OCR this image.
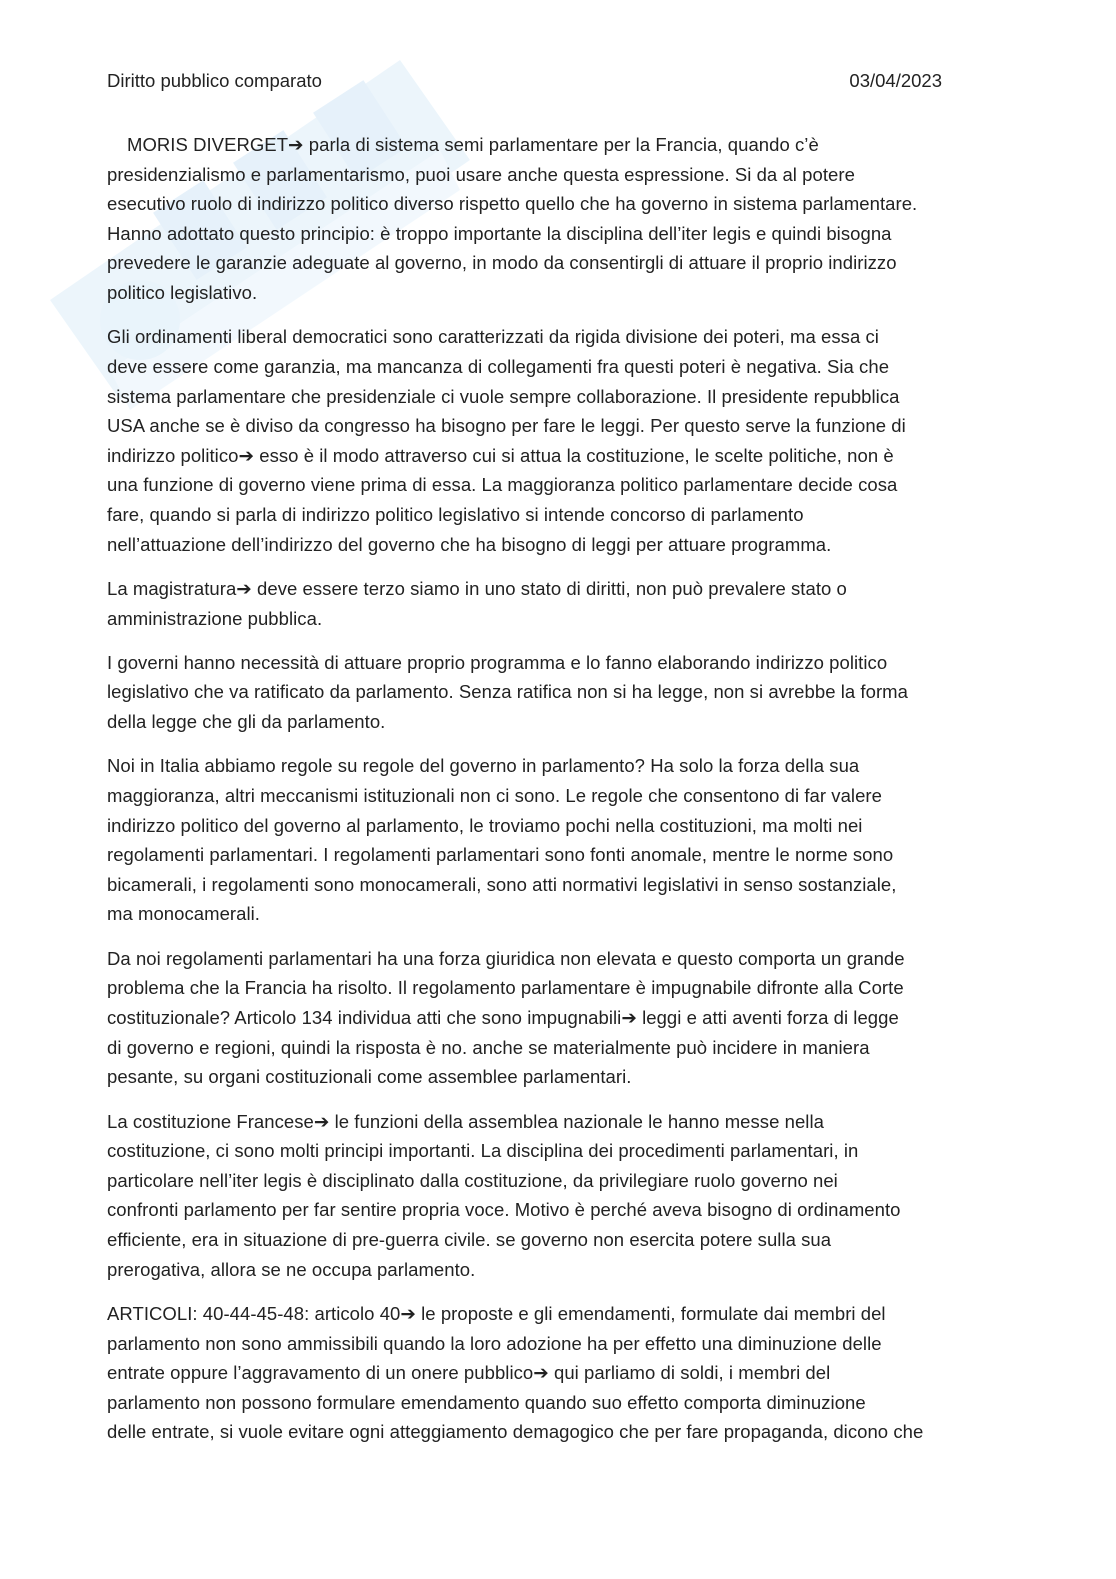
Diritto pubblico comparato	03/04/2023
MORIS DIVERGET➔ parla di sistema semi parlamentare per la Francia, quando c’è
presidenzialismo e parlamentarismo, puoi usare anche questa espressione. Si da al potere
esecutivo ruolo di indirizzo politico diverso rispetto quello che ha governo in sistema parlamentare.
Hanno adottato questo principio: è troppo importante la disciplina dell’iter legis e quindi bisogna
prevedere le garanzie adeguate al governo, in modo da consentirgli di attuare il proprio indirizzo
politico legislativo.
Gli ordinamenti liberal democratici sono caratterizzati da rigida divisione dei poteri, ma essa ci
deve essere come garanzia, ma mancanza di collegamenti fra questi poteri è negativa. Sia che
sistema parlamentare che presidenziale ci vuole sempre collaborazione. Il presidente repubblica
USA anche se è diviso da congresso ha bisogno per fare le leggi. Per questo serve la funzione di
indirizzo politico➔ esso è il modo attraverso cui si attua la costituzione, le scelte politiche, non è
una funzione di governo viene prima di essa. La maggioranza politico parlamentare decide cosa
fare, quando si parla di indirizzo politico legislativo si intende concorso di parlamento
nell’attuazione dell’indirizzo del governo che ha bisogno di leggi per attuare programma.
La magistratura➔ deve essere terzo siamo in uno stato di diritti, non può prevalere stato o
amministrazione pubblica.
I governi hanno necessità di attuare proprio programma e lo fanno elaborando indirizzo politico
legislativo che va ratificato da parlamento. Senza ratifica non si ha legge, non si avrebbe la forma
della legge che gli da parlamento.
Noi in Italia abbiamo regole su regole del governo in parlamento? Ha solo la forza della sua
maggioranza, altri meccanismi istituzionali non ci sono. Le regole che consentono di far valere
indirizzo politico del governo al parlamento, le troviamo pochi nella costituzioni, ma molti nei
regolamenti parlamentari. I regolamenti parlamentari sono fonti anomale, mentre le norme sono
bicamerali, i regolamenti sono monocamerali, sono atti normativi legislativi in senso sostanziale,
ma monocamerali.
Da noi regolamenti parlamentari ha una forza giuridica non elevata e questo comporta un grande
problema che la Francia ha risolto. Il regolamento parlamentare è impugnabile difronte alla Corte
costituzionale? Articolo 134 individua atti che sono impugnabili➔ leggi e atti aventi forza di legge
di governo e regioni, quindi la risposta è no. anche se materialmente può incidere in maniera
pesante, su organi costituzionali come assemblee parlamentari.
La costituzione Francese➔ le funzioni della assemblea nazionale le hanno messe nella
costituzione, ci sono molti principi importanti. La disciplina dei procedimenti parlamentari, in
particolare nell’iter legis è disciplinato dalla costituzione, da privilegiare ruolo governo nei
confronti parlamento per far sentire propria voce. Motivo è perché aveva bisogno di ordinamento
efficiente, era in situazione di pre-guerra civile. se governo non esercita potere sulla sua
prerogativa, allora se ne occupa parlamento.
ARTICOLI: 40-44-45-48: articolo 40➔ le proposte e gli emendamenti, formulate dai membri del
parlamento non sono ammissibili quando la loro adozione ha per effetto una diminuzione delle
entrate oppure l’aggravamento di un onere pubblico➔ qui parliamo di soldi, i membri del
parlamento non possono formulare emendamento quando suo effetto comporta diminuzione
delle entrate, si vuole evitare ogni atteggiamento demagogico che per fare propaganda, dicono che
